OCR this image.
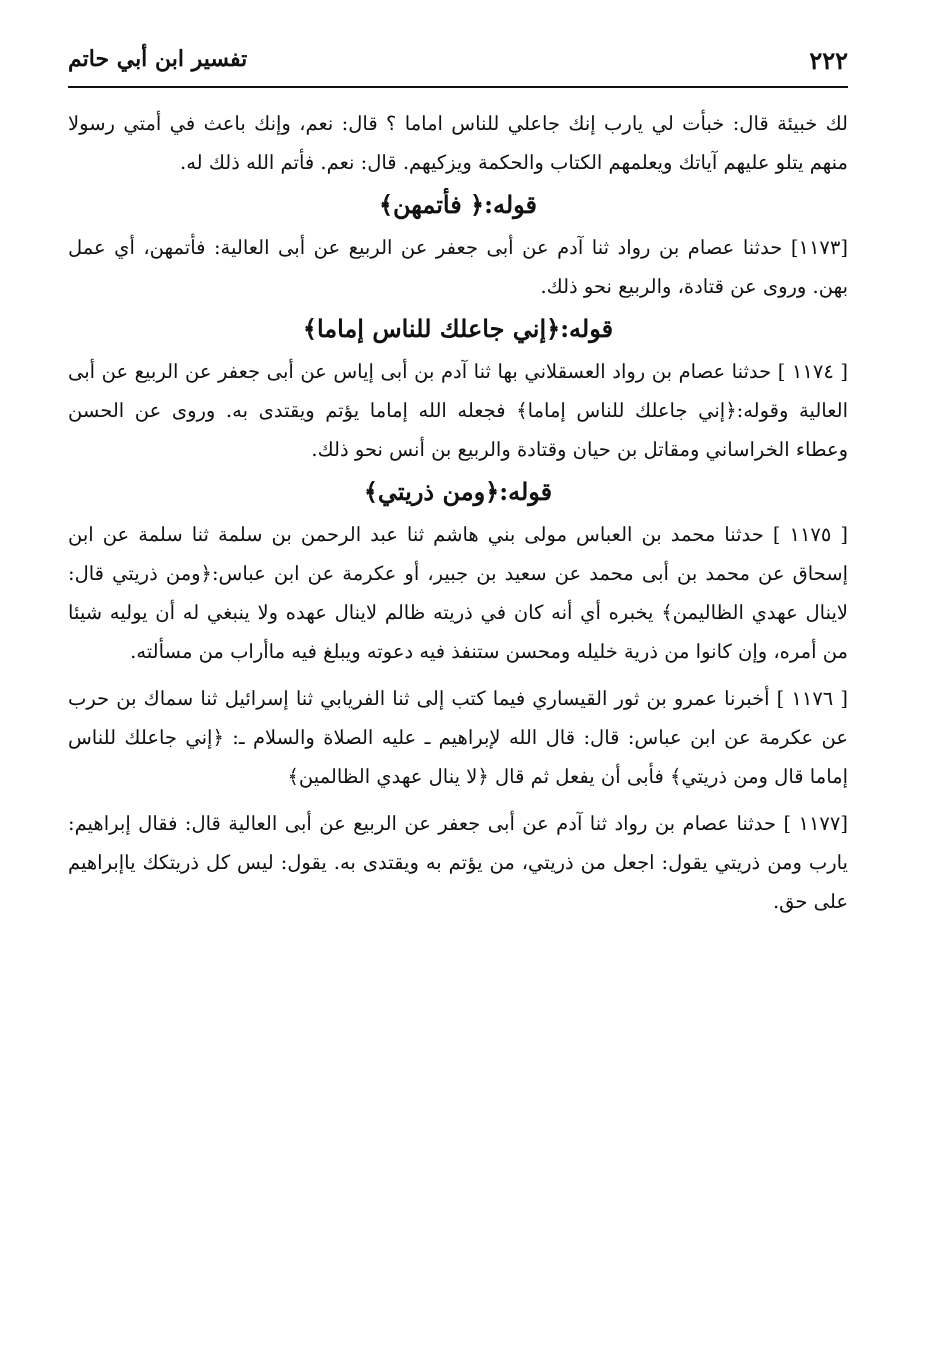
تفسير ابن أبي حاتم	٢٢٢

لك خبيئة قال: خبأت لي يارب إنك جاعلي للناس اماما ؟ قال: نعم، وإنك باعث في أمتي رسولا منهم يتلو عليهم آياتك ويعلمهم الكتاب والحكمة ويزكيهم. قال: نعم. فأتم الله ذلك له.

قوله:﴿ فأتمهن﴾

[١١٧٣] حدثنا عصام بن رواد ثنا آدم عن أبى جعفر عن الربيع عن أبى العالية: فأتمهن، أي عمل بهن. وروى عن قتادة، والربيع نحو ذلك.

قوله:﴿إني جاعلك للناس إماما﴾

[ ١١٧٤ ] حدثنا عصام بن رواد العسقلاني بها ثنا آدم بن أبى إياس عن أبى جعفر عن الربيع عن أبى العالية وقوله:﴿إني جاعلك للناس إماما﴾ فجعله الله إماما يؤتم ويقتدى به. وروى عن الحسن وعطاء الخراساني ومقاتل بن حيان وقتادة والربيع بن أنس نحو ذلك.

قوله:﴿ومن ذريتي﴾

[ ١١٧٥ ] حدثنا محمد بن العباس مولى بني هاشم ثنا عبد الرحمن بن سلمة ثنا سلمة عن ابن إسحاق عن محمد بن أبى محمد عن سعيد بن جبير، أو عكرمة عن ابن عباس:﴿ومن ذريتي قال: لاينال عهدي الظاليمن﴾ يخبره أي أنه كان في ذريته ظالم لاينال عهده ولا ينبغي له أن يوليه شيئا من أمره، وإن كانوا من ذرية خليله ومحسن ستنفذ فيه دعوته ويبلغ فيه ماأراب من مسألته.

[ ١١٧٦ ] أخبرنا عمرو بن ثور القيساري فيما كتب إلى ثنا الفريابي ثنا إسرائيل ثنا سماك بن حرب عن عكرمة عن ابن عباس: قال: قال الله لإبراهيم ـ عليه الصلاة والسلام ـ: ﴿إني جاعلك للناس إماما قال ومن ذريتي﴾ فأبى أن يفعل ثم قال ﴿لا ينال عهدي الظالمين﴾

[١١٧٧ ] حدثنا عصام بن رواد ثنا آدم عن أبى جعفر عن الربيع عن أبى العالية قال: فقال إبراهيم: يارب ومن ذريتي يقول: اجعل من ذريتي، من يؤتم به ويقتدى به. يقول: ليس كل ذريتكك ياإبراهيم على حق.
